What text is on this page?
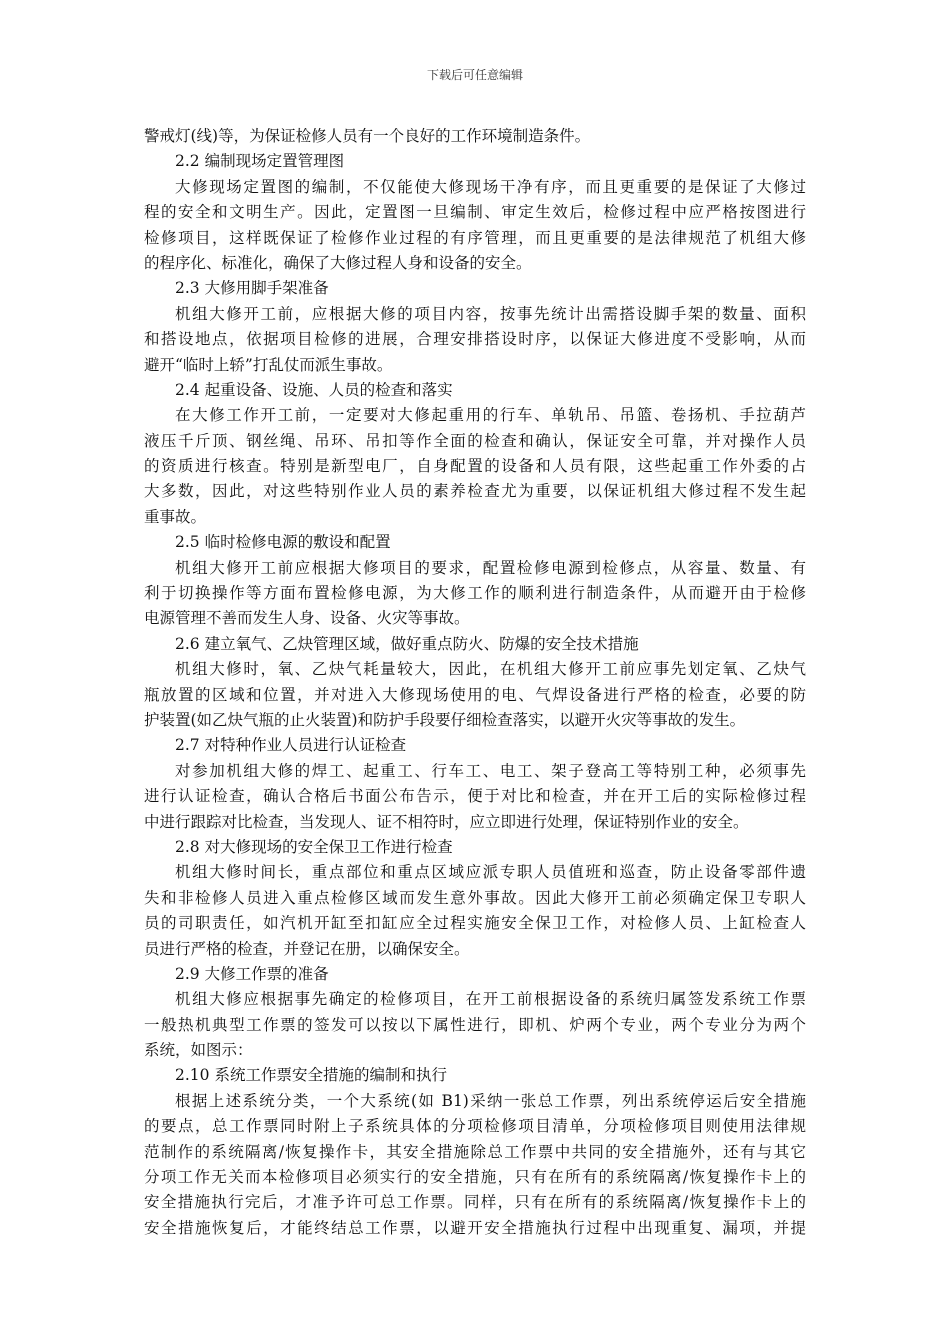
下载后可任意编辑
警戒灯(线)等，为保证检修人员有一个良好的工作环境制造条件。
2.2 编制现场定置管理图
大修现场定置图的编制，不仅能使大修现场干净有序，而且更重要的是保证了大修过
程的安全和文明生产。因此，定置图一旦编制、审定生效后，检修过程中应严格按图进行
检修项目，这样既保证了检修作业过程的有序管理，而且更重要的是法律规范了机组大修
的程序化、标准化，确保了大修过程人身和设备的安全。
2.3 大修用脚手架准备
机组大修开工前，应根据大修的项目内容，按事先统计出需搭设脚手架的数量、面积
和搭设地点，依据项目检修的进展，合理安排搭设时序，以保证大修进度不受影响，从而
避开“临时上轿”打乱仗而派生事故。
2.4 起重设备、设施、人员的检查和落实
在大修工作开工前，一定要对大修起重用的行车、单轨吊、吊篮、卷扬机、手拉葫芦
液压千斤顶、钢丝绳、吊环、吊扣等作全面的检查和确认，保证安全可靠，并对操作人员
的资质进行核查。特别是新型电厂，自身配置的设备和人员有限，这些起重工作外委的占
大多数，因此，对这些特别作业人员的素养检查尤为重要，以保证机组大修过程不发生起
重事故。
2.5 临时检修电源的敷设和配置
机组大修开工前应根据大修项目的要求，配置检修电源到检修点，从容量、数量、有
利于切换操作等方面布置检修电源，为大修工作的顺利进行制造条件，从而避开由于检修
电源管理不善而发生人身、设备、火灾等事故。
2.6 建立氧气、乙炔管理区域，做好重点防火、防爆的安全技术措施
机组大修时，氧、乙炔气耗量较大，因此，在机组大修开工前应事先划定氧、乙炔气
瓶放置的区域和位置，并对进入大修现场使用的电、气焊设备进行严格的检查，必要的防
护装置(如乙炔气瓶的止火装置)和防护手段要仔细检查落实，以避开火灾等事故的发生。
2.7 对特种作业人员进行认证检查
对参加机组大修的焊工、起重工、行车工、电工、架子登高工等特别工种，必须事先
进行认证检查，确认合格后书面公布告示，便于对比和检查，并在开工后的实际检修过程
中进行跟踪对比检查，当发现人、证不相符时，应立即进行处理，保证特别作业的安全。
2.8 对大修现场的安全保卫工作进行检查
机组大修时间长，重点部位和重点区域应派专职人员值班和巡查，防止设备零部件遗
失和非检修人员进入重点检修区域而发生意外事故。因此大修开工前必须确定保卫专职人
员的司职责任，如汽机开缸至扣缸应全过程实施安全保卫工作，对检修人员、上缸检查人
员进行严格的检查，并登记在册，以确保安全。
2.9 大修工作票的准备
机组大修应根据事先确定的检修项目，在开工前根据设备的系统归属签发系统工作票
一般热机典型工作票的签发可以按以下属性进行，即机、炉两个专业，两个专业分为两个
系统，如图示：
2.10 系统工作票安全措施的编制和执行
根据上述系统分类，一个大系统(如 B1)采纳一张总工作票，列出系统停运后安全措施
的要点，总工作票同时附上子系统具体的分项检修项目清单，分项检修项目则使用法律规
范制作的系统隔离/恢复操作卡，其安全措施除总工作票中共同的安全措施外，还有与其它
分项工作无关而本检修项目必须实行的安全措施，只有在所有的系统隔离/恢复操作卡上的
安全措施执行完后，才准予许可总工作票。同样，只有在所有的系统隔离/恢复操作卡上的
安全措施恢复后，才能终结总工作票，以避开安全措施执行过程中出现重复、漏项，并提
